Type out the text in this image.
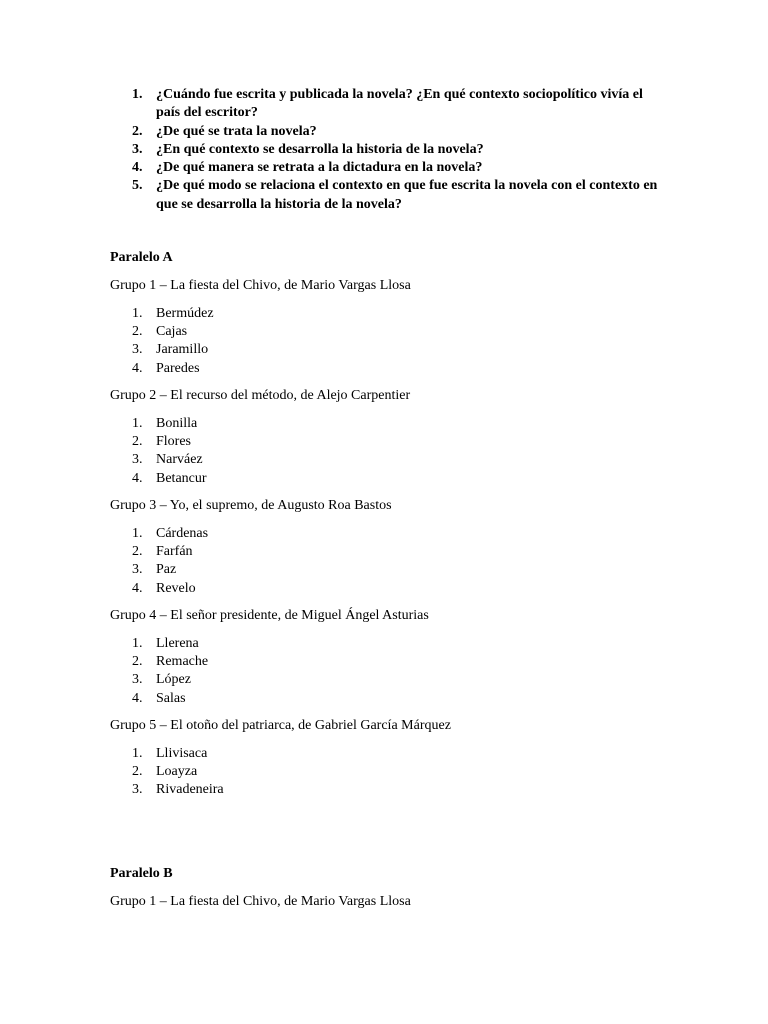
1. ¿Cuándo fue escrita y publicada la novela? ¿En qué contexto sociopolítico vivía el país del escritor?
2. ¿De qué se trata la novela?
3. ¿En qué contexto se desarrolla la historia de la novela?
4. ¿De qué manera se retrata a la dictadura en la novela?
5. ¿De qué modo se relaciona el contexto en que fue escrita la novela con el contexto en que se desarrolla la historia de la novela?

Paralelo A

Grupo 1 – La fiesta del Chivo, de Mario Vargas Llosa

1. Bermúdez
2. Cajas
3. Jaramillo
4. Paredes

Grupo 2 – El recurso del método, de Alejo Carpentier

1. Bonilla
2. Flores
3. Narváez
4. Betancur

Grupo 3 – Yo, el supremo, de Augusto Roa Bastos

1. Cárdenas
2. Farfán
3. Paz
4. Revelo

Grupo 4 – El señor presidente, de Miguel Ángel Asturias

1. Llerena
2. Remache
3. López
4. Salas

Grupo 5 – El otoño del patriarca, de Gabriel García Márquez

1. Llivisaca
2. Loayza
3. Rivadeneira

Paralelo B

Grupo 1 – La fiesta del Chivo, de Mario Vargas Llosa
